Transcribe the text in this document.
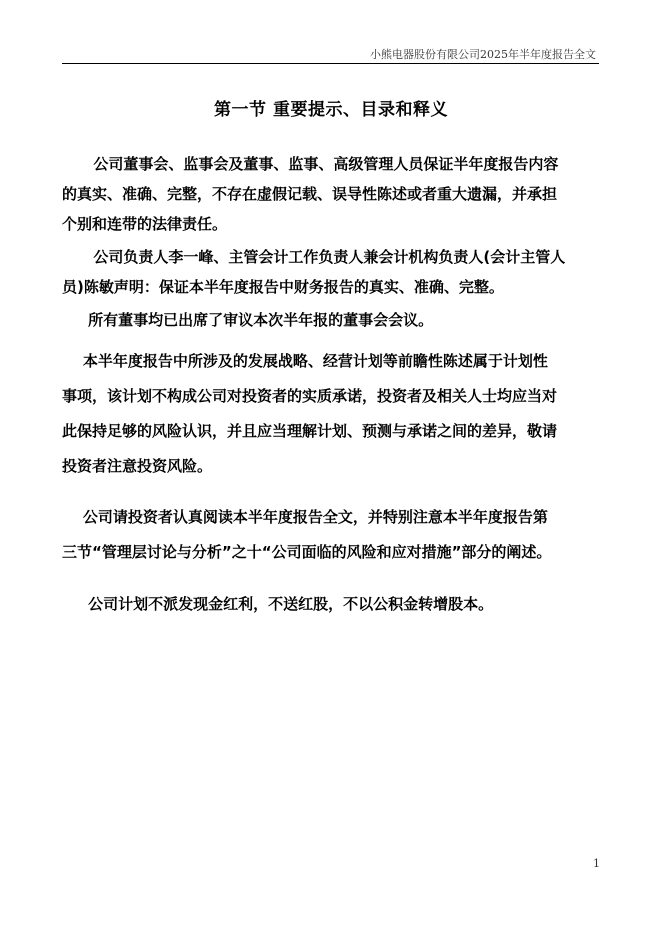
小熊电器股份有限公司2025年半年度报告全文
第一节 重要提示、目录和释义
公司董事会、监事会及董事、监事、高级管理人员保证半年度报告内容
的真实、准确、完整，不存在虚假记载、误导性陈述或者重大遗漏，并承担
个别和连带的法律责任。
公司负责人李一峰、主管会计工作负责人兼会计机构负责人(会计主管人
员)陈敏声明：保证本半年度报告中财务报告的真实、准确、完整。
所有董事均已出席了审议本次半年报的董事会会议。
本半年度报告中所涉及的发展战略、经营计划等前瞻性陈述属于计划性
事项，该计划不构成公司对投资者的实质承诺，投资者及相关人士均应当对
此保持足够的风险认识，并且应当理解计划、预测与承诺之间的差异，敬请
投资者注意投资风险。
公司请投资者认真阅读本半年度报告全文，并特别注意本半年度报告第
三节“管理层讨论与分析”之十“公司面临的风险和应对措施”部分的阐述。
公司计划不派发现金红利，不送红股，不以公积金转增股本。
1
